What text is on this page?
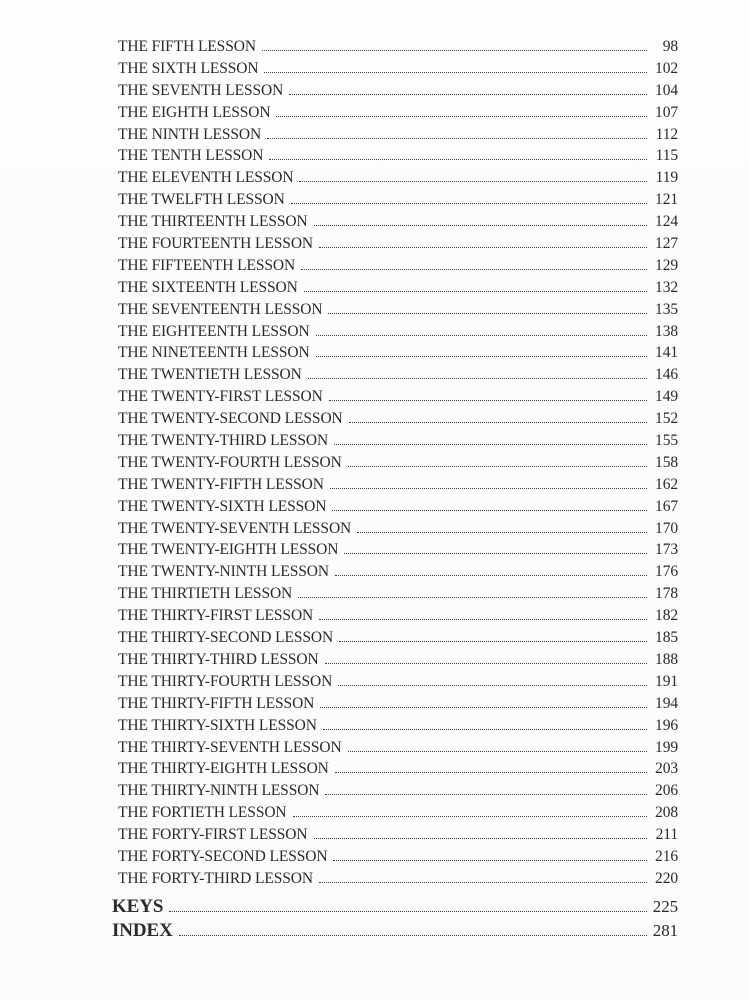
THE FIFTH LESSON	98
THE SIXTH LESSON	102
THE SEVENTH LESSON	104
THE EIGHTH LESSON	107
THE NINTH LESSON	112
THE TENTH LESSON	115
THE ELEVENTH LESSON	119
THE TWELFTH LESSON	121
THE THIRTEENTH LESSON	124
THE FOURTEENTH LESSON	127
THE FIFTEENTH LESSON	129
THE SIXTEENTH LESSON	132
THE SEVENTEENTH LESSON	135
THE EIGHTEENTH LESSON	138
THE NINETEENTH LESSON	141
THE TWENTIETH LESSON	146
THE TWENTY-FIRST LESSON	149
THE TWENTY-SECOND LESSON	152
THE TWENTY-THIRD LESSON	155
THE TWENTY-FOURTH LESSON	158
THE TWENTY-FIFTH LESSON	162
THE TWENTY-SIXTH LESSON	167
THE TWENTY-SEVENTH LESSON	170
THE TWENTY-EIGHTH LESSON	173
THE TWENTY-NINTH LESSON	176
THE THIRTIETH LESSON	178
THE THIRTY-FIRST LESSON	182
THE THIRTY-SECOND LESSON	185
THE THIRTY-THIRD LESSON	188
THE THIRTY-FOURTH LESSON	191
THE THIRTY-FIFTH LESSON	194
THE THIRTY-SIXTH LESSON	196
THE THIRTY-SEVENTH LESSON	199
THE THIRTY-EIGHTH LESSON	203
THE THIRTY-NINTH LESSON	206
THE FORTIETH LESSON	208
THE FORTY-FIRST LESSON	211
THE FORTY-SECOND LESSON	216
THE FORTY-THIRD LESSON	220
KEYS	225
INDEX	281
